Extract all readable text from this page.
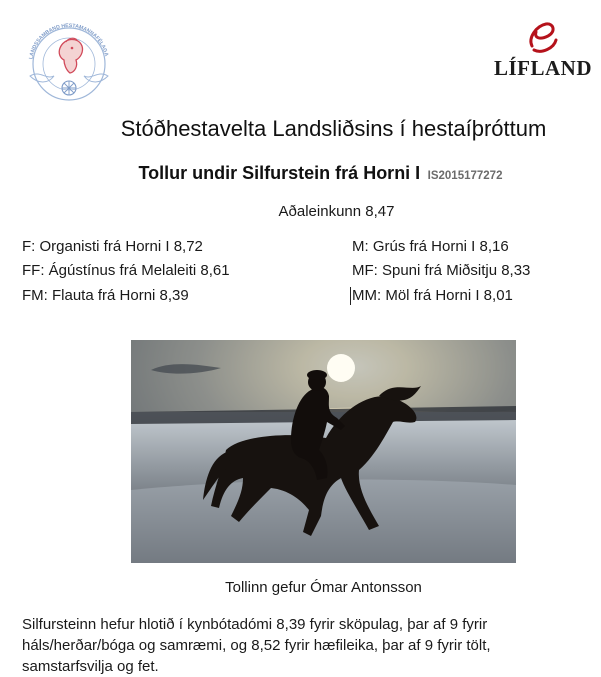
LANDSSAMBAND HESTAMANNAFÉLAGA
LÍFLAND
Stóðhestavelta Landsliðsins í hestaíþróttum
Tollur undir Silfurstein frá Horni I IS2015177272
Aðaleinkunn 8,47
F: Organisti frá Horni I 8,72
FF: Ágústínus frá Melaleiti 8,61
FM: Flauta frá Horni 8,39
M: Grús frá Horni I 8,16
MF: Spuni frá Miðsitju 8,33
MM: Möl frá Horni I 8,01
Tollinn gefur Ómar Antonsson
Silfursteinn hefur hlotið í kynbótadómi 8,39 fyrir sköpulag, þar af 9 fyrir háls/herðar/bóga og samræmi, og 8,52 fyrir hæfileika, þar af 9 fyrir tölt, samstarfsvilja og fet.
